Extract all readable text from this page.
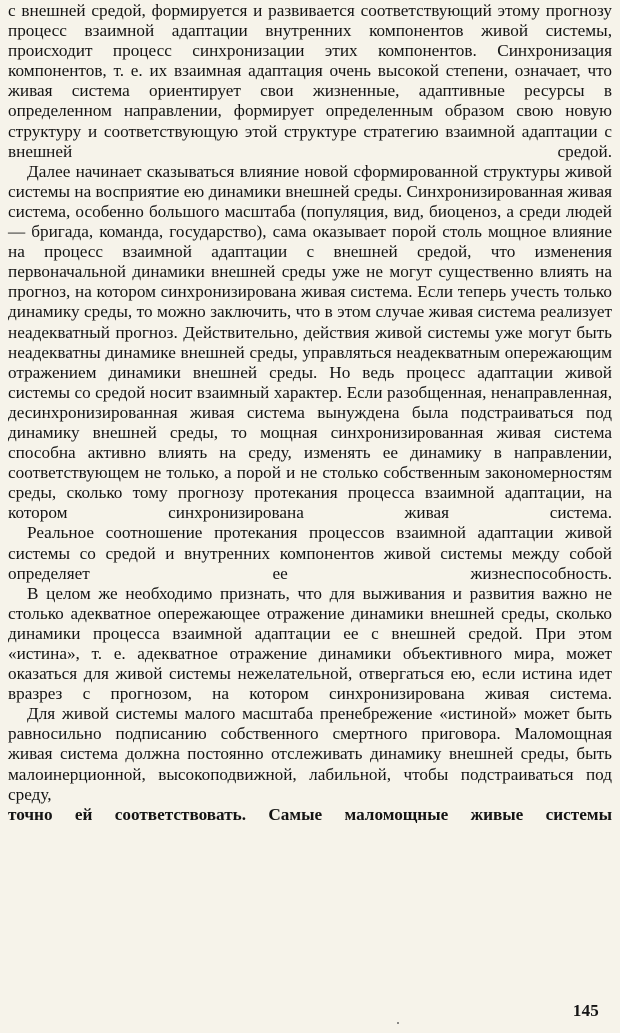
с внешней средой, формируется и развивается соответствующий этому прогнозу процесс взаимной адаптации внутренних компонентов живой системы, происходит процесс синхронизации этих компонентов. Синхронизация компонентов, т. е. их взаимная адаптация очень высокой степени, означает, что живая система ориентирует свои жизненные, адаптивные ресурсы в определенном направлении, формирует определенным образом свою новую структуру и соответствующую этой структуре стратегию взаимной адаптации с внешней средой.

Далее начинает сказываться влияние новой сформированной структуры живой системы на восприятие ею динамики внешней среды. Синхронизированная живая система, особенно большого масштаба (популяция, вид, биоценоз, а среди людей — бригада, команда, государство), сама оказывает порой столь мощное влияние на процесс взаимной адаптации с внешней средой, что изменения первоначальной динамики внешней среды уже не могут существенно влиять на прогноз, на котором синхронизирована живая система. Если теперь учесть только динамику среды, то можно заключить, что в этом случае живая система реализует неадекватный прогноз. Действительно, действия живой системы уже могут быть неадекватны динамике внешней среды, управляться неадекватным опережающим отражением динамики внешней среды. Но ведь процесс адаптации живой системы со средой носит взаимный характер. Если разобщенная, ненаправленная, десинхронизированная живая система вынуждена была подстраиваться под динамику внешней среды, то мощная синхронизированная живая система способна активно влиять на среду, изменять ее динамику в направлении, соответствующем не только, а порой и не столько собственным закономерностям среды, сколько тому прогнозу протекания процесса взаимной адаптации, на котором синхронизирована живая система.

Реальное соотношение протекания процессов взаимной адаптации живой системы со средой и внутренних компонентов живой системы между собой определяет ее жизнеспособность.

В целом же необходимо признать, что для выживания и развития важно не столько адекватное опережающее отражение динамики внешней среды, сколько динамики процесса взаимной адаптации ее с внешней средой. При этом «истина», т. е. адекватное отражение динамики объективного мира, может оказаться для живой системы нежелательной, отвергаться ею, если истина идет вразрез с прогнозом, на котором синхронизирована живая система.

Для живой системы малого масштаба пренебрежение «истиной» может быть равносильно подписанию собственного смертного приговора. Маломощная живая система должна постоянно отслеживать динамику внешней среды, быть малоинерционной, высокоподвижной, лабильной, чтобы подстраиваться под среду,

точно ей соответствовать. Самые маломощные живые системы

145
